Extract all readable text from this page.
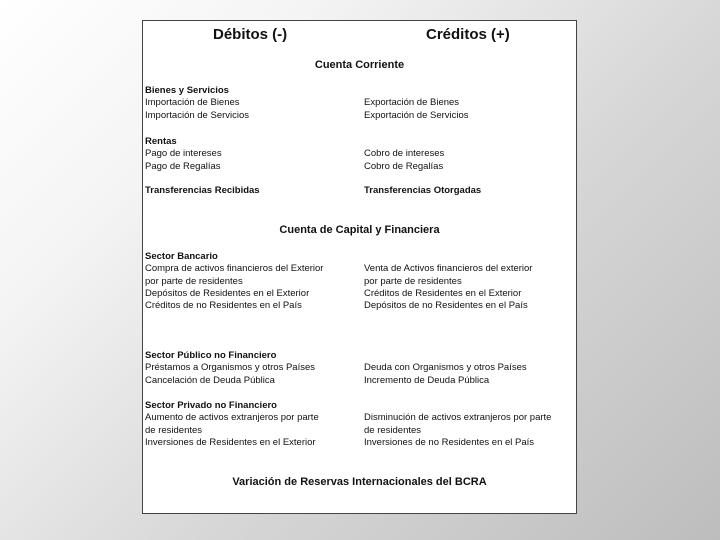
Débitos (-)	Créditos (+)
Cuenta Corriente
Bienes y Servicios
Importación de Bienes
Importación de Servicios
Exportación de Bienes
Exportación de Servicios
Rentas
Pago de intereses
Pago de Regalías
Cobro de intereses
Cobro de Regalías
Transferencias Recibidas	Transferencias Otorgadas
Cuenta de Capital y Financiera
Sector Bancario
Compra de activos financieros del Exterior
por parte de residentes
Depósitos de Residentes en el Exterior
Créditos de no Residentes en el País
Venta de Activos financieros del exterior
por parte de residentes
Créditos de Residentes en el Exterior
Depósitos de no Residentes en el País
Sector Público no Financiero
Préstamos a Organismos y otros Países
Cancelación de Deuda Pública
Deuda con Organismos y otros Países
Incremento de Deuda Pública
Sector Privado no Financiero
Aumento de activos extranjeros por parte
de residentes
Inversiones de Residentes en el Exterior
Disminución de activos extranjeros por parte
de residentes
Inversiones de no Residentes en el País
Variación de Reservas Internacionales del BCRA
